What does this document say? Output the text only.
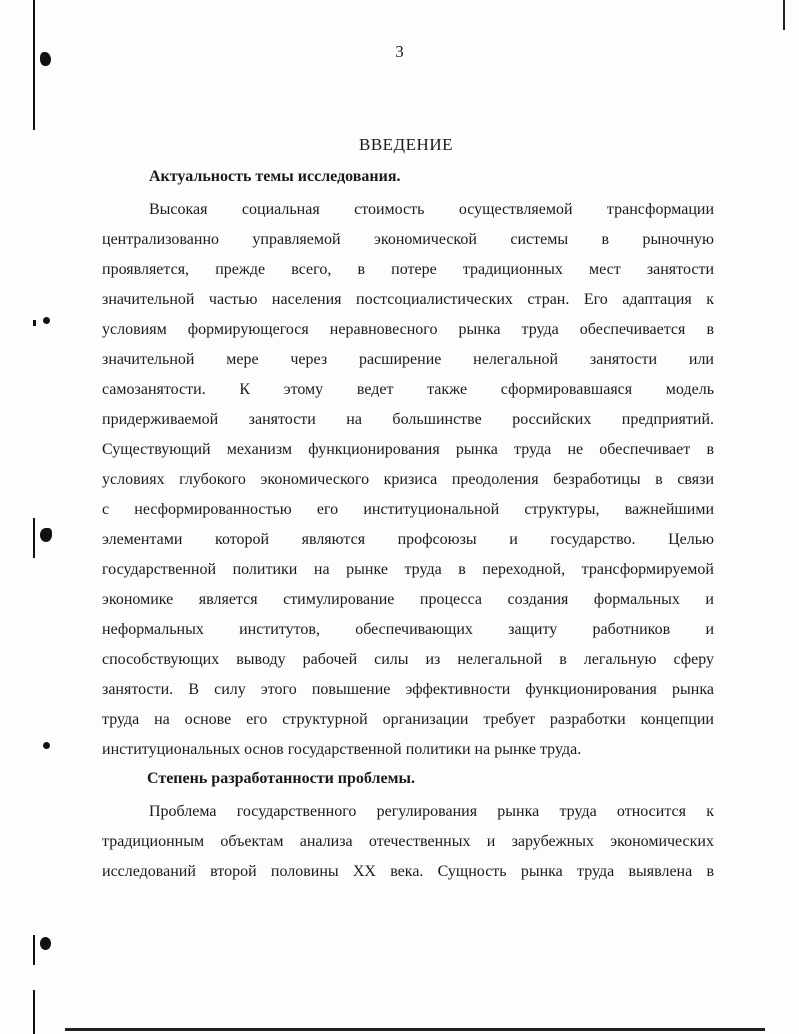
3
ВВЕДЕНИЕ
Актуальность темы исследования.
Высокая социальная стоимость осуществляемой трансформации
централизованно управляемой экономической системы в рыночную
проявляется, прежде всего, в потере традиционных мест занятости
значительной частью населения постсоциалистических стран. Его адаптация к
условиям формирующегося неравновесного рынка труда обеспечивается в
значительной мере через расширение нелегальной занятости или
самозанятости. К этому ведет также сформировавшаяся модель
придерживаемой занятости на большинстве российских предприятий.
Существующий механизм функционирования рынка труда не обеспечивает в
условиях глубокого экономического кризиса преодоления безработицы в связи
с несформированностью его институциональной структуры, важнейшими
элементами которой являются профсоюзы и государство. Целью
государственной политики на рынке труда в переходной, трансформируемой
экономике является стимулирование процесса создания формальных и
неформальных институтов, обеспечивающих защиту работников и
способствующих выводу рабочей силы из нелегальной в легальную сферу
занятости. В силу этого повышение эффективности функционирования рынка
труда на основе его структурной организации требует разработки концепции
институциональных основ государственной политики на рынке труда.
Степень разработанности проблемы.
Проблема государственного регулирования рынка труда относится к
традиционным объектам анализа отечественных и зарубежных экономических
исследований второй половины XX века. Сущность рынка труда выявлена в
